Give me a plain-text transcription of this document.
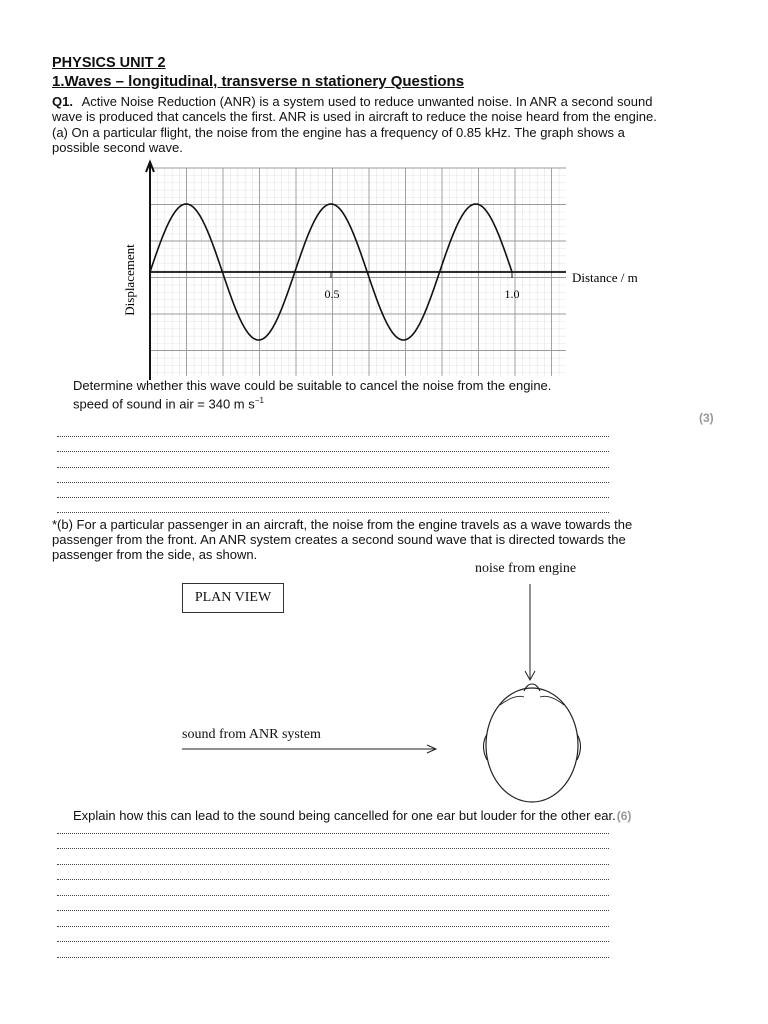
PHYSICS UNIT 2
1.Waves – longitudinal, transverse n stationery Questions
Q1. Active Noise Reduction (ANR) is a system used to reduce unwanted noise. In ANR a second sound
wave is produced that cancels the first. ANR is used in aircraft to reduce the noise heard from the engine.
(a) On a particular flight, the noise from the engine has a frequency of 0.85 kHz. The graph shows a
possible second wave.
0.5	1.0
Distance / m
Displacement
Determine whether this wave could be suitable to cancel the noise from the engine.
speed of sound in air = 340 m $s^{-1}$
(3)
*(b) For a particular passenger in an aircraft, the noise from the engine travels as a wave towards the
passenger from the front. An ANR system creates a second sound wave that is directed towards the
passenger from the side, as shown.
PLAN VIEW
noise from engine
sound from ANR system
Explain how this can lead to the sound being cancelled for one ear but louder for the other ear.(6)
